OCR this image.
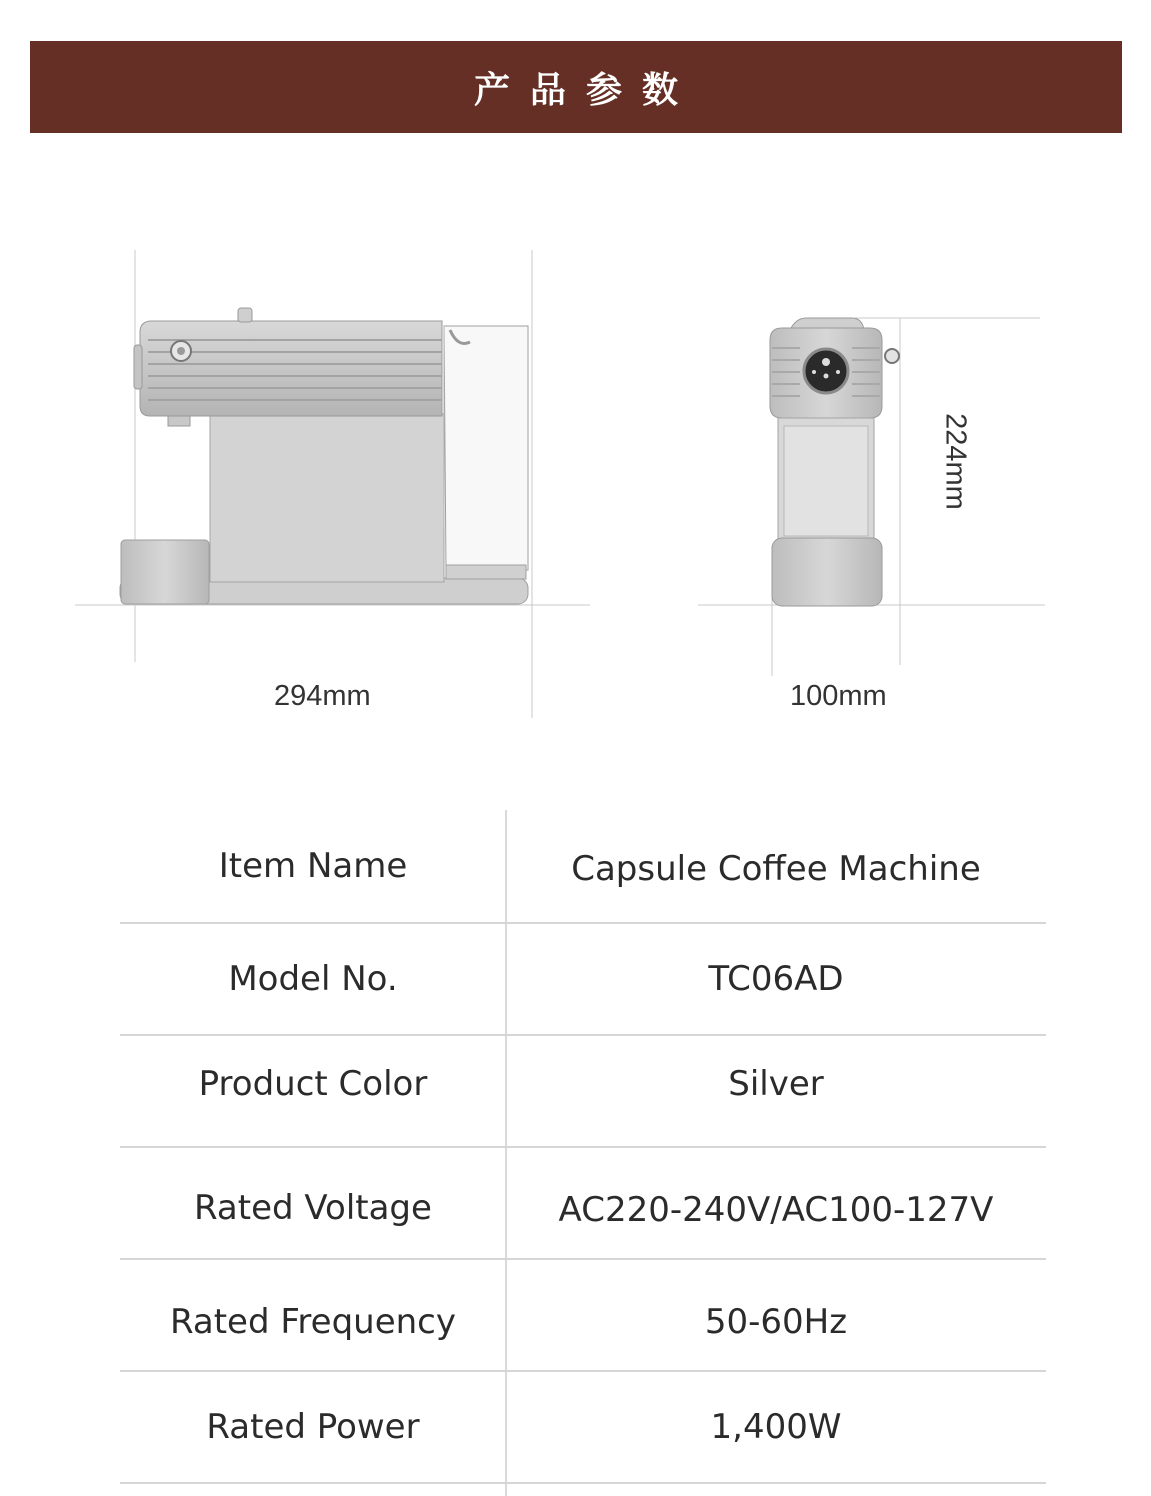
产品参数
294mm	100mm
224mm
Item Name	Capsule Coffee Machine
Model No.	TC06AD
Product Color	Silver
Rated Voltage	AC220-240V/AC100-127V
Rated Frequency	50-60Hz
Rated Power	1,400W
